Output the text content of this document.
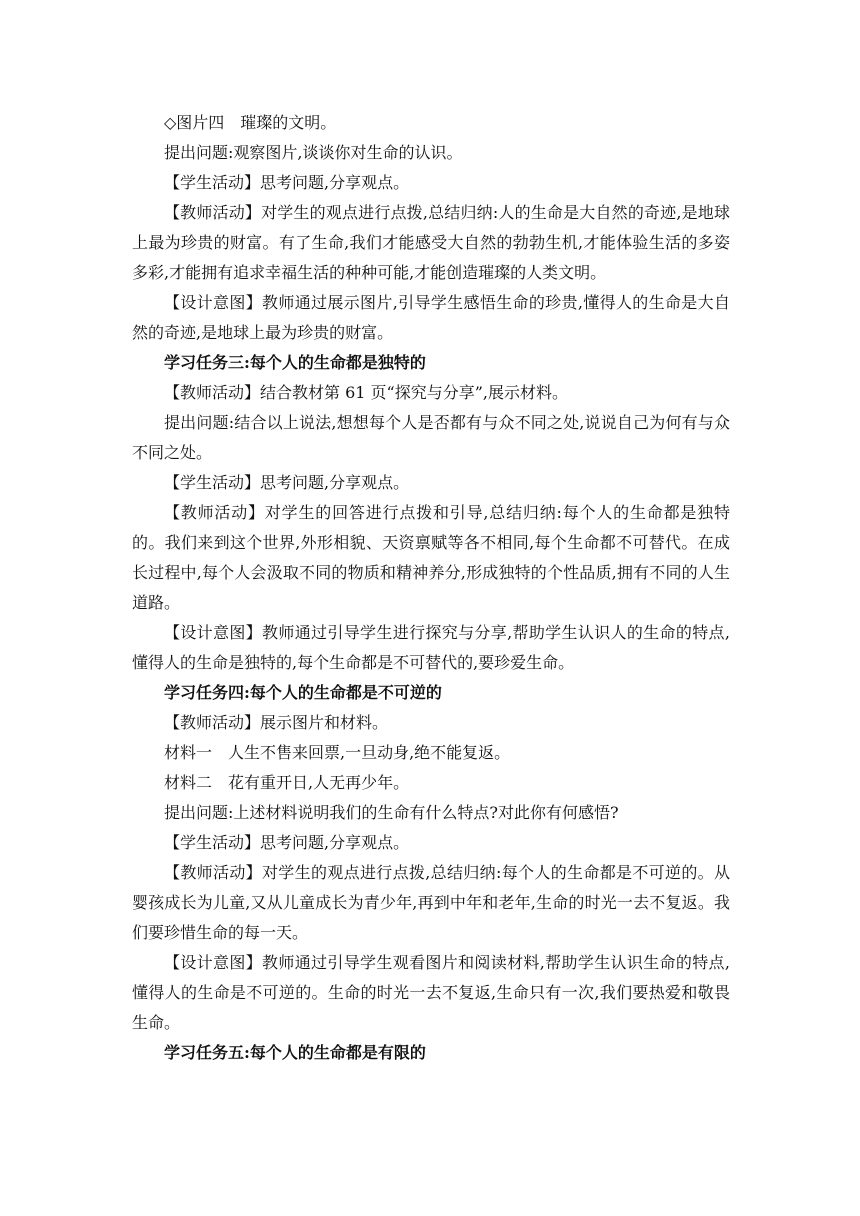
◇图片四　璀璨的文明。

提出问题:观察图片,谈谈你对生命的认识。

【学生活动】思考问题,分享观点。

【教师活动】对学生的观点进行点拨,总结归纳:人的生命是大自然的奇迹,是地球上最为珍贵的财富。有了生命,我们才能感受大自然的勃勃生机,才能体验生活的多姿多彩,才能拥有追求幸福生活的种种可能,才能创造璀璨的人类文明。

【设计意图】教师通过展示图片,引导学生感悟生命的珍贵,懂得人的生命是大自然的奇迹,是地球上最为珍贵的财富。

学习任务三:每个人的生命都是独特的

【教师活动】结合教材第 61 页“探究与分享”,展示材料。

提出问题:结合以上说法,想想每个人是否都有与众不同之处,说说自己为何有与众不同之处。

【学生活动】思考问题,分享观点。

【教师活动】对学生的回答进行点拨和引导,总结归纳:每个人的生命都是独特的。我们来到这个世界,外形相貌、天资禀赋等各不相同,每个生命都不可替代。在成长过程中,每个人会汲取不同的物质和精神养分,形成独特的个性品质,拥有不同的人生道路。

【设计意图】教师通过引导学生进行探究与分享,帮助学生认识人的生命的特点,懂得人的生命是独特的,每个生命都是不可替代的,要珍爱生命。

学习任务四:每个人的生命都是不可逆的

【教师活动】展示图片和材料。

材料一　人生不售来回票,一旦动身,绝不能复返。

材料二　花有重开日,人无再少年。

提出问题:上述材料说明我们的生命有什么特点?对此你有何感悟?

【学生活动】思考问题,分享观点。

【教师活动】对学生的观点进行点拨,总结归纳:每个人的生命都是不可逆的。从婴孩成长为儿童,又从儿童成长为青少年,再到中年和老年,生命的时光一去不复返。我们要珍惜生命的每一天。

【设计意图】教师通过引导学生观看图片和阅读材料,帮助学生认识生命的特点,懂得人的生命是不可逆的。生命的时光一去不复返,生命只有一次,我们要热爱和敬畏生命。

学习任务五:每个人的生命都是有限的
